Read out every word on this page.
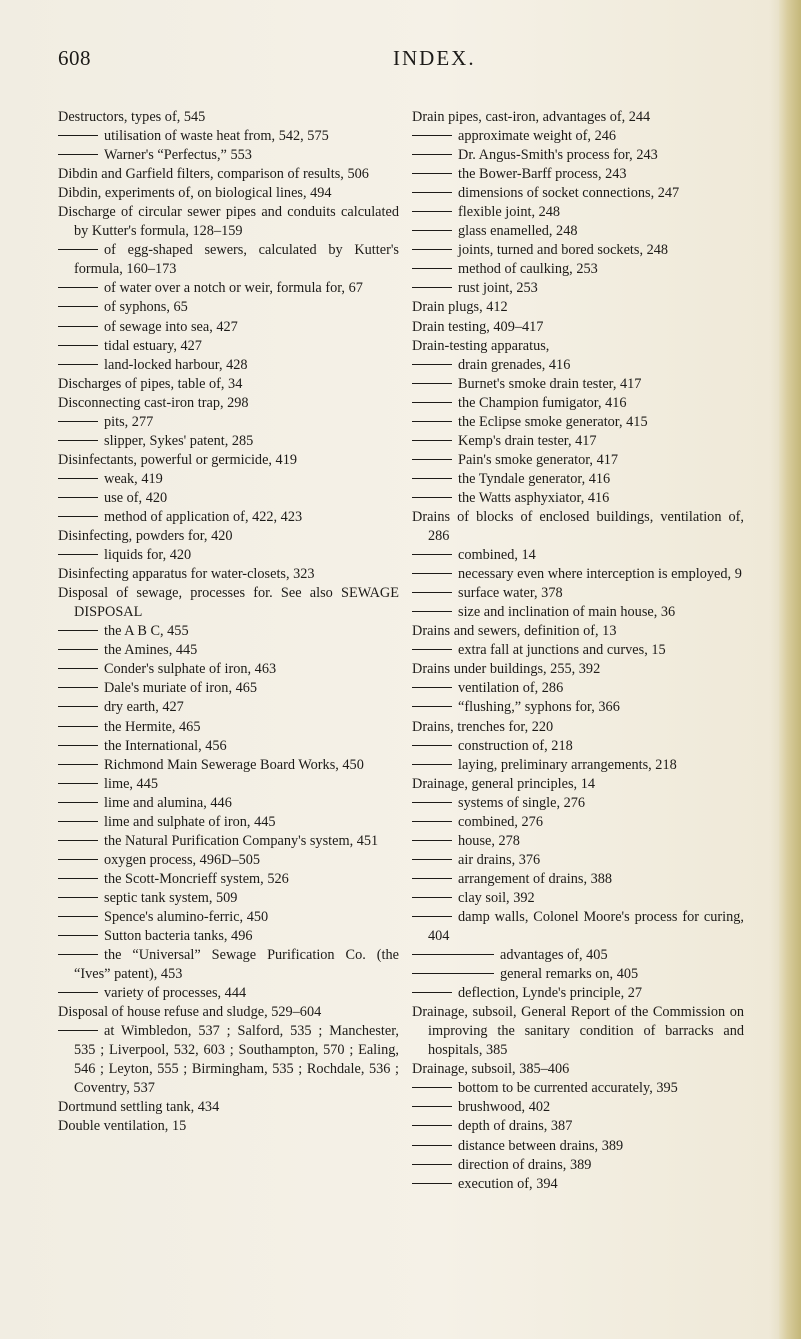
608	INDEX.
Destructors, types of, 545
utilisation of waste heat from, 542, 575
Warner's “Perfectus,” 553
Dibdin and Garfield filters, comparison of results, 506
Dibdin, experiments of, on biological lines, 494
Discharge of circular sewer pipes and conduits calculated by Kutter's formula, 128–159
of egg-shaped sewers, calculated by Kutter's formula, 160–173
of water over a notch or weir, formula for, 67
of syphons, 65
of sewage into sea, 427
tidal estuary, 427
land-locked harbour, 428
Discharges of pipes, table of, 34
Disconnecting cast-iron trap, 298
pits, 277
slipper, Sykes' patent, 285
Disinfectants, powerful or germicide, 419
weak, 419
use of, 420
method of application of, 422, 423
Disinfecting, powders for, 420
liquids for, 420
Disinfecting apparatus for water-closets, 323
Disposal of sewage, processes for. See also SEWAGE DISPOSAL
the A B C, 455
the Amines, 445
Conder's sulphate of iron, 463
Dale's muriate of iron, 465
dry earth, 427
the Hermite, 465
the International, 456
Richmond Main Sewerage Board Works, 450
lime, 445
lime and alumina, 446
lime and sulphate of iron, 445
the Natural Purification Company's system, 451
oxygen process, 496D–505
the Scott-Moncrieff system, 526
septic tank system, 509
Spence's alumino-ferric, 450
Sutton bacteria tanks, 496
the “Universal” Sewage Purification Co. (the “Ives” patent), 453
variety of processes, 444
Disposal of house refuse and sludge, 529–604
at Wimbledon, 537 ; Salford, 535 ; Manchester, 535 ; Liverpool, 532, 603 ; Southampton, 570 ; Ealing, 546 ; Leyton, 555 ; Birmingham, 535 ; Rochdale, 536 ; Coventry, 537
Dortmund settling tank, 434
Double ventilation, 15
Drain pipes, cast-iron, advantages of, 244
approximate weight of, 246
Dr. Angus-Smith's process for, 243
the Bower-Barff process, 243
dimensions of socket connections, 247
flexible joint, 248
glass enamelled, 248
joints, turned and bored sockets, 248
method of caulking, 253
rust joint, 253
Drain plugs, 412
Drain testing, 409–417
Drain-testing apparatus,
drain grenades, 416
Burnet's smoke drain tester, 417
the Champion fumigator, 416
the Eclipse smoke generator, 415
Kemp's drain tester, 417
Pain's smoke generator, 417
the Tyndale generator, 416
the Watts asphyxiator, 416
Drains of blocks of enclosed buildings, ventilation of, 286
combined, 14
necessary even where interception is employed, 9
surface water, 378
size and inclination of main house, 36
Drains and sewers, definition of, 13
extra fall at junctions and curves, 15
Drains under buildings, 255, 392
ventilation of, 286
“flushing,” syphons for, 366
Drains, trenches for, 220
construction of, 218
laying, preliminary arrangements, 218
Drainage, general principles, 14
systems of single, 276
combined, 276
house, 278
air drains, 376
arrangement of drains, 388
clay soil, 392
damp walls, Colonel Moore's process for curing, 404
advantages of, 405
general remarks on, 405
deflection, Lynde's principle, 27
Drainage, subsoil, General Report of the Commission on improving the sanitary condition of barracks and hospitals, 385
Drainage, subsoil, 385–406
bottom to be currented accurately, 395
brushwood, 402
depth of drains, 387
distance between drains, 389
direction of drains, 389
execution of, 394
